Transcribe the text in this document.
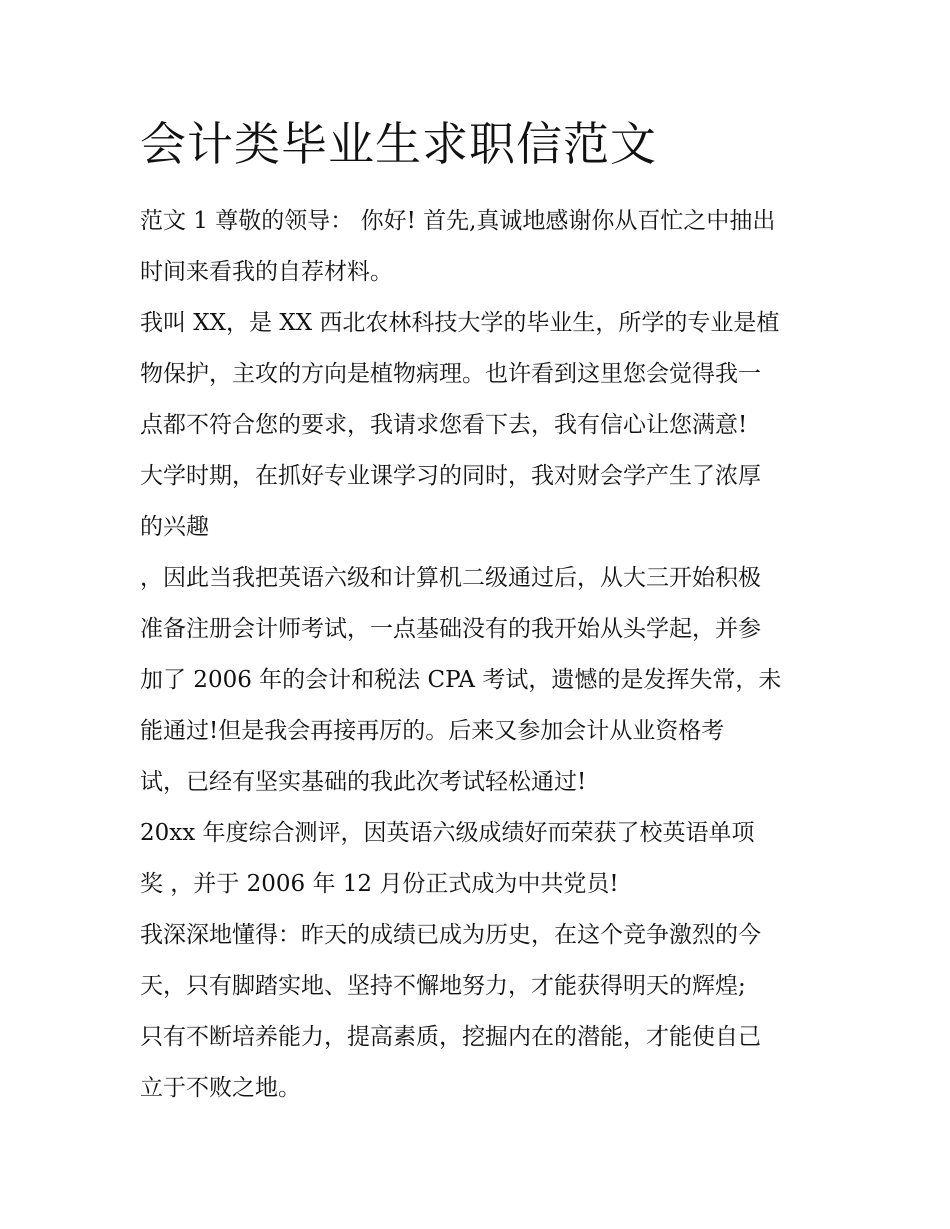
会计类毕业生求职信范文
范文 1 尊敬的领导： 你好! 首先,真诚地感谢你从百忙之中抽出
时间来看我的自荐材料。
我叫 XX，是 XX 西北农林科技大学的毕业生，所学的专业是植
物保护，主攻的方向是植物病理。也许看到这里您会觉得我一
点都不符合您的要求，我请求您看下去，我有信心让您满意!
大学时期，在抓好专业课学习的同时，我对财会学产生了浓厚
的兴趣
，因此当我把英语六级和计算机二级通过后，从大三开始积极
准备注册会计师考试，一点基础没有的我开始从头学起，并参
加了 2006 年的会计和税法 CPA 考试，遗憾的是发挥失常，未
能通过!但是我会再接再厉的。后来又参加会计从业资格考
试，已经有坚实基础的我此次考试轻松通过!
20xx 年度综合测评，因英语六级成绩好而荣获了校英语单项
奖 ，并于 2006 年 12 月份正式成为中共党员!
我深深地懂得：昨天的成绩已成为历史，在这个竞争激烈的今
天，只有脚踏实地、坚持不懈地努力，才能获得明天的辉煌;
只有不断培养能力，提高素质，挖掘内在的潜能，才能使自己
立于不败之地。
